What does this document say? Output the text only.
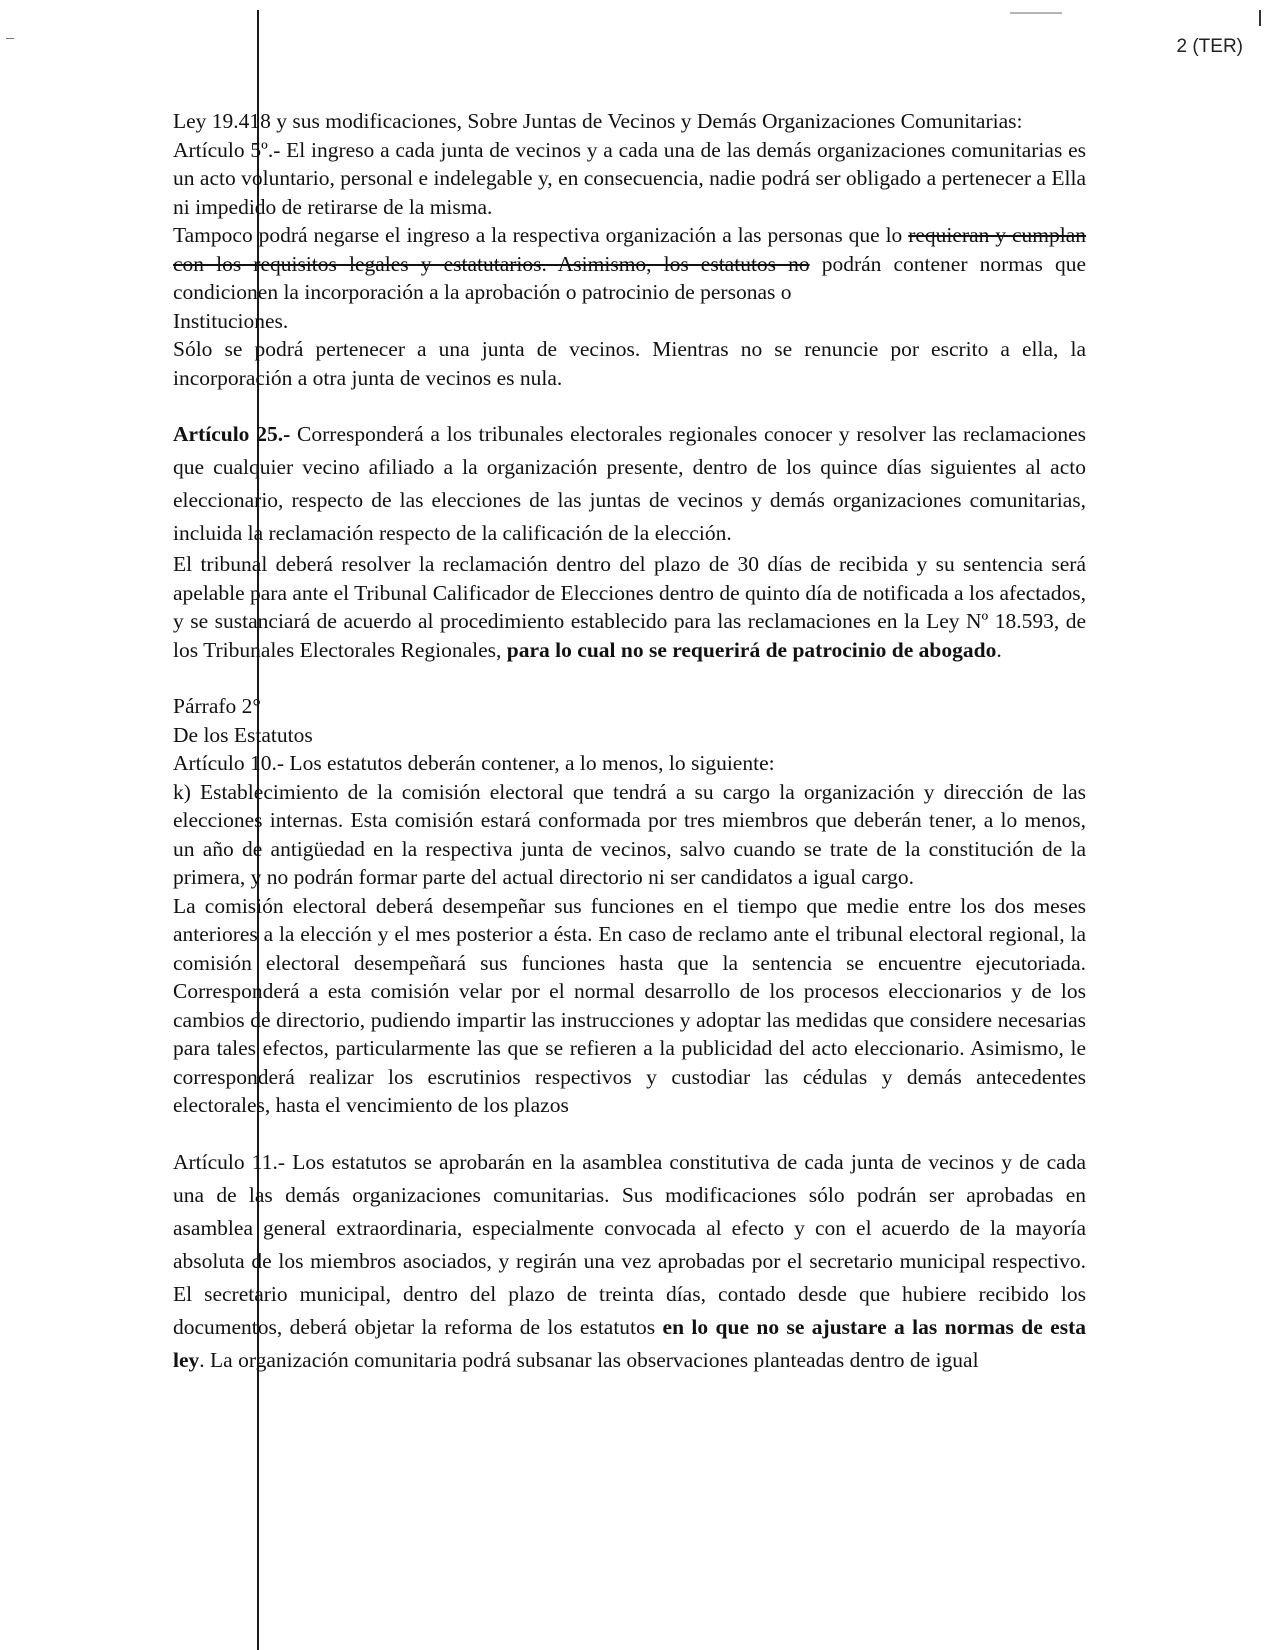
2 (TER)

Ley 19.418 y sus modificaciones, Sobre Juntas de Vecinos y Demás Organizaciones Comunitarias:

Artículo 5º.- El ingreso a cada junta de vecinos y a cada una de las demás organizaciones comunitarias es un acto voluntario, personal e indelegable y, en consecuencia, nadie podrá ser obligado a pertenecer a Ella ni impedido de retirarse de la misma.

Tampoco podrá negarse el ingreso a la respectiva organización a las personas que lo requieran y cumplan con los requisitos legales y estatutarios. Asimismo, los estatutos no podrán contener normas que condicionen la incorporación a la aprobación o patrocinio de personas o

Instituciones.

Sólo se podrá pertenecer a una junta de vecinos. Mientras no se renuncie por escrito a ella, la incorporación a otra junta de vecinos es nula.

Artículo 25.- Corresponderá a los tribunales electorales regionales conocer y resolver las reclamaciones que cualquier vecino afiliado a la organización presente, dentro de los quince días siguientes al acto eleccionario, respecto de las elecciones de las juntas de vecinos y demás organizaciones comunitarias, incluida la reclamación respecto de la calificación de la elección.

El tribunal deberá resolver la reclamación dentro del plazo de 30 días de recibida y su sentencia será apelable para ante el Tribunal Calificador de Elecciones dentro de quinto día de notificada a los afectados, y se sustanciará de acuerdo al procedimiento establecido para las reclamaciones en la Ley Nº 18.593, de los Tribunales Electorales Regionales, para lo cual no se requerirá de patrocinio de abogado.

Párrafo 2°

De los Estatutos

Artículo 10.- Los estatutos deberán contener, a lo menos, lo siguiente:

k) Establecimiento de la comisión electoral que tendrá a su cargo la organización y dirección de las elecciones internas. Esta comisión estará conformada por tres miembros que deberán tener, a lo menos, un año de antigüedad en la respectiva junta de vecinos, salvo cuando se trate de la constitución de la primera, y no podrán formar parte del actual directorio ni ser candidatos a igual cargo.

La comisión electoral deberá desempeñar sus funciones en el tiempo que medie entre los dos meses anteriores a la elección y el mes posterior a ésta. En caso de reclamo ante el tribunal electoral regional, la comisión electoral desempeñará sus funciones hasta que la sentencia se encuentre ejecutoriada. Corresponderá a esta comisión velar por el normal desarrollo de los procesos eleccionarios y de los cambios de directorio, pudiendo impartir las instrucciones y adoptar las medidas que considere necesarias para tales efectos, particularmente las que se refieren a la publicidad del acto eleccionario. Asimismo, le corresponderá realizar los escrutinios respectivos y custodiar las cédulas y demás antecedentes electorales, hasta el vencimiento de los plazos

Artículo 11.- Los estatutos se aprobarán en la asamblea constitutiva de cada junta de vecinos y de cada una de las demás organizaciones comunitarias. Sus modificaciones sólo podrán ser aprobadas en asamblea general extraordinaria, especialmente convocada al efecto y con el acuerdo de la mayoría absoluta de los miembros asociados, y regirán una vez aprobadas por el secretario municipal respectivo. El secretario municipal, dentro del plazo de treinta días, contado desde que hubiere recibido los documentos, deberá objetar la reforma de los estatutos en lo que no se ajustare a las normas de esta ley. La organización comunitaria podrá subsanar las observaciones planteadas dentro de igual
